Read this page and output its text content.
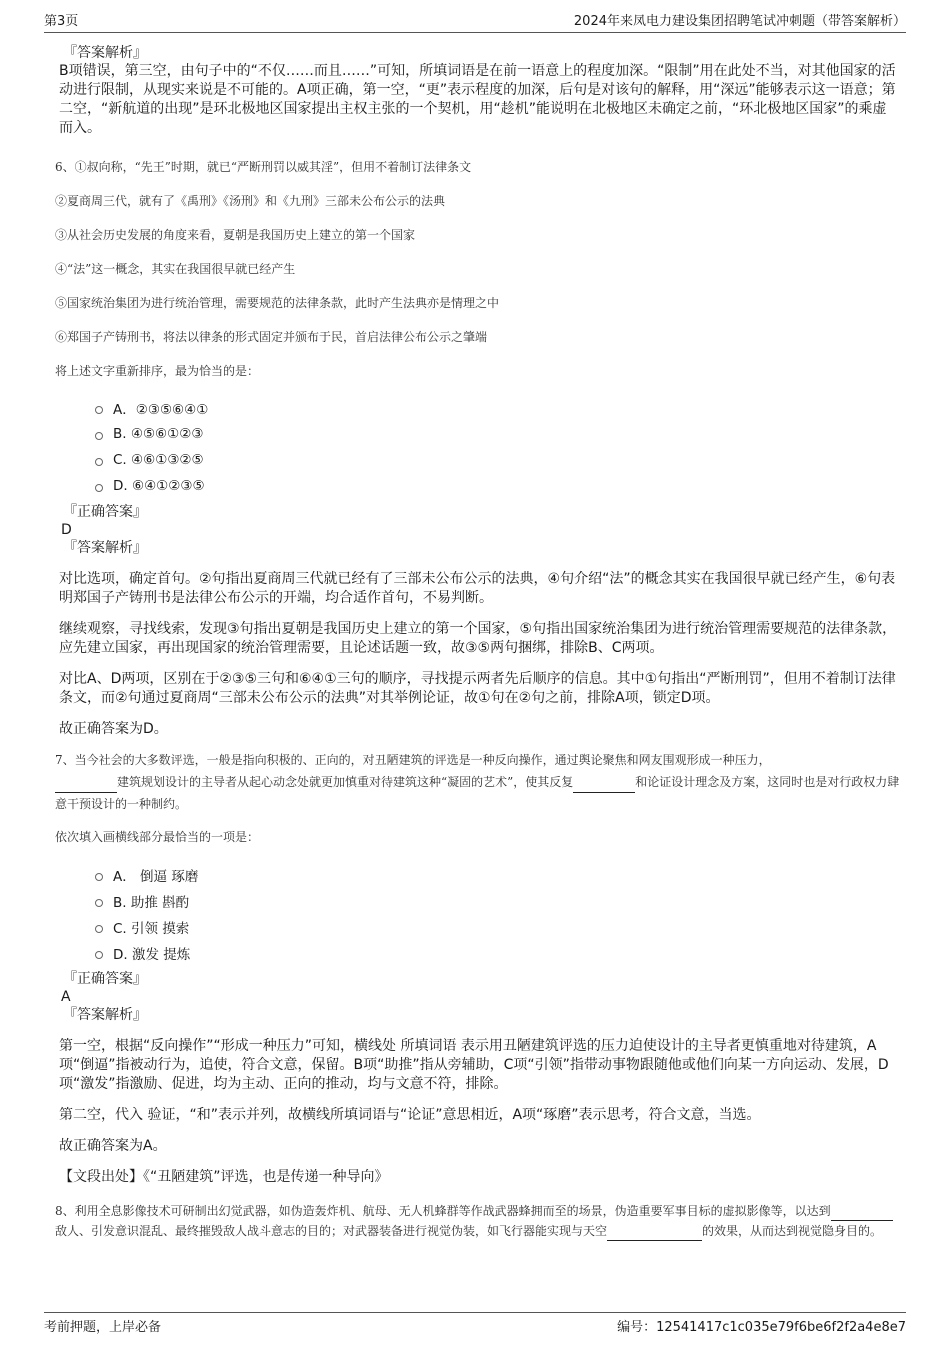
第3页	2024年来凤电力建设集团招聘笔试冲刺题（带答案解析）
『答案解析』

B项错误，第三空，由句子中的“不仅……而且……”可知，所填词语是在前一语意上的程度加深。“限制”用在此处不当，对其他国家的活动进行限制，从现实来说是不可能的。A项正确，第一空，“更”表示程度的加深，后句是对该句的解释，用“深远”能够表示这一语意；第二空，“新航道的出现”是环北极地区国家提出主权主张的一个契机，用“趁机”能说明在北极地区未确定之前，“环北极地区国家”的乘虚而入。

6、①叔向称，“先王”时期，就已“严断刑罚以威其淫”，但用不着制订法律条文

②夏商周三代，就有了《禹刑》《汤刑》和《九刑》三部未公布公示的法典

③从社会历史发展的角度来看，夏朝是我国历史上建立的第一个国家

④“法”这一概念，其实在我国很早就已经产生

⑤国家统治集团为进行统治管理，需要规范的法律条款，此时产生法典亦是情理之中

⑥郑国子产铸刑书，将法以律条的形式固定并颁布于民，首启法律公布公示之肇端

将上述文字重新排序，最为恰当的是：

A．②③⑤⑥④①
B. ④⑤⑥①②③
C. ④⑥①③②⑤
D. ⑥④①②③⑤
『正确答案』
D
『答案解析』

对比选项，确定首句。②句指出夏商周三代就已经有了三部未公布公示的法典，④句介绍“法”的概念其实在我国很早就已经产生，⑥句表明郑国子产铸刑书是法律公布公示的开端，均合适作首句，不易判断。

继续观察，寻找线索，发现③句指出夏朝是我国历史上建立的第一个国家，⑤句指出国家统治集团为进行统治管理需要规范的法律条款，应先建立国家，再出现国家的统治管理需要，且论述话题一致，故③⑤两句捆绑，排除B、C两项。

对比A、D两项，区别在于②③⑤三句和⑥④①三句的顺序，寻找提示两者先后顺序的信息。其中①句指出“严断刑罚”，但用不着制订法律条文，而②句通过夏商周“三部未公布公示的法典”对其举例论证，故①句在②句之前，排除A项，锁定D项。

故正确答案为D。

7、当今社会的大多数评选，一般是指向积极的、正向的，对丑陋建筑的评选是一种反向操作，通过舆论聚焦和网友围观形成一种压力，
建筑规划设计的主导者从起心动念处就更加慎重对待建筑这种“凝固的艺术”，使其反复	和论证设计理念及方案，这同时也是对行政权力肆意干预设计的一种制约。

依次填入画横线部分最恰当的一项是：

A． 倒逼 琢磨
B. 助推 斟酌
C. 引领 摸索
D. 激发 提炼
『正确答案』
A
『答案解析』

第一空，根据“反向操作”“形成一种压力”可知，横线处 所填词语 表示用丑陋建筑评选的压力迫使设计的主导者更慎重地对待建筑，A项“倒逼”指被动行为，追使，符合文意，保留。B项“助推”指从旁辅助，C项“引领”指带动事物跟随他或他们向某一方向运动、发展，D项“激发”指激励、促进，均为主动、正向的推动，均与文意不符，排除。

第二空，代入 验证，“和”表示并列，故横线所填词语与“论证”意思相近，A项“琢磨”表示思考，符合文意，当选。

故正确答案为A。

【文段出处】《“丑陋建筑”评选，也是传递一种导向》

8、利用全息影像技术可研制出幻觉武器，如伪造轰炸机、航母、无人机蜂群等作战武器蜂拥而至的场景，伪造重要军事目标的虚拟影像等，以达到敌人、引发意识混乱、最终摧毁敌人战斗意志的目的；对武器装备进行视觉伪装，如飞行器能实现与天空	的效果，从而达到视觉隐身目的。

考前押题，上岸必备	编号：12541417c1c035e79f6be6f2f2a4e8e7
